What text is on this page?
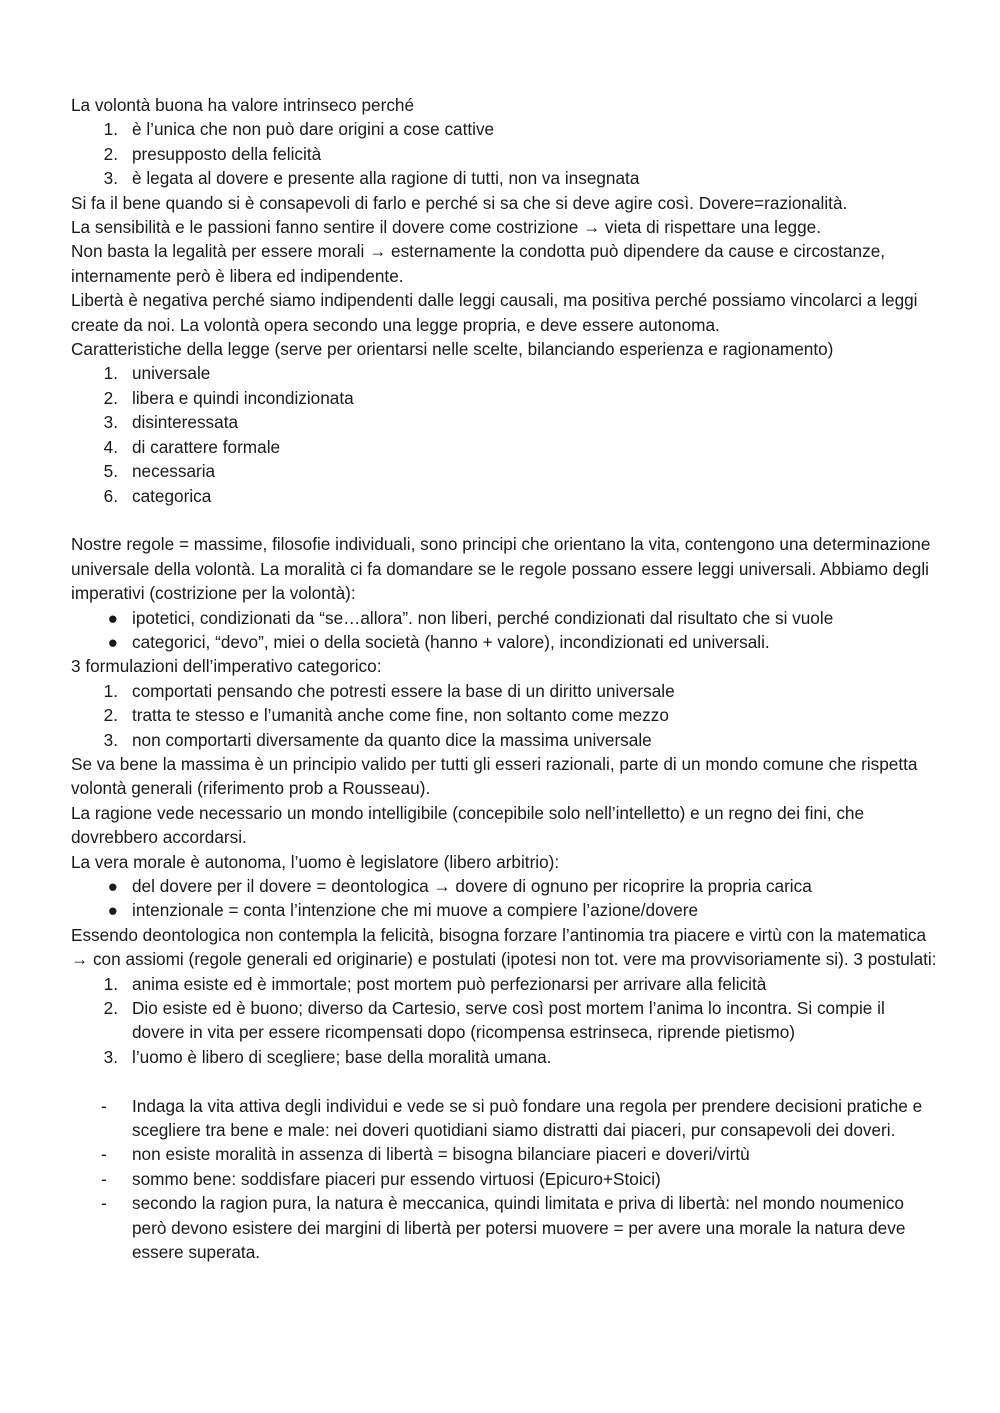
La volontà buona ha valore intrinseco perché

1. è l’unica che non può dare origini a cose cattive
2. presupposto della felicità
3. è legata al dovere e presente alla ragione di tutti, non va insegnata

Si fa il bene quando si è consapevoli di farlo e perché si sa che si deve agire così. Dovere=razionalità.

La sensibilità e le passioni fanno sentire il dovere come costrizione → vieta di rispettare una legge.

Non basta la legalità per essere morali → esternamente la condotta può dipendere da cause e circostanze, internamente però è libera ed indipendente.

Libertà è negativa perché siamo indipendenti dalle leggi causali, ma positiva perché possiamo vincolarci a leggi create da noi. La volontà opera secondo una legge propria, e deve essere autonoma.

Caratteristiche della legge (serve per orientarsi nelle scelte, bilanciando esperienza e ragionamento)

1. universale
2. libera e quindi incondizionata
3. disinteressata
4. di carattere formale
5. necessaria
6. categorica

Nostre regole = massime, filosofie individuali, sono principi che orientano la vita, contengono una determinazione universale della volontà. La moralità ci fa domandare se le regole possano essere leggi universali. Abbiamo degli imperativi (costrizione per la volontà):

● ipotetici, condizionati da “se…allora”. non liberi, perché condizionati dal risultato che si vuole
● categorici, “devo”, miei o della società (hanno + valore), incondizionati ed universali.

3 formulazioni dell’imperativo categorico:

1. comportati pensando che potresti essere la base di un diritto universale
2. tratta te stesso e l’umanità anche come fine, non soltanto come mezzo
3. non comportarti diversamente da quanto dice la massima universale

Se va bene la massima è un principio valido per tutti gli esseri razionali, parte di un mondo comune che rispetta volontà generali (riferimento prob a Rousseau).

La ragione vede necessario un mondo intelligibile (concepibile solo nell’intelletto) e un regno dei fini, che dovrebbero accordarsi.

La vera morale è autonoma, l’uomo è legislatore (libero arbitrio):

● del dovere per il dovere = deontologica → dovere di ognuno per ricoprire la propria carica
● intenzionale = conta l’intenzione che mi muove a compiere l’azione/dovere

Essendo deontologica non contempla la felicità, bisogna forzare l’antinomia tra piacere e virtù con la matematica → con assiomi (regole generali ed originarie) e postulati (ipotesi non tot. vere ma provvisoriamente si). 3 postulati:

1. anima esiste ed è immortale; post mortem può perfezionarsi per arrivare alla felicità
2. Dio esiste ed è buono; diverso da Cartesio, serve così post mortem l’anima lo incontra. Si compie il dovere in vita per essere ricompensati dopo (ricompensa estrinseca, riprende pietismo)
3. l’uomo è libero di scegliere; base della moralità umana.
-	Indaga la vita attiva degli individui e vede se si può fondare una regola per prendere decisioni pratiche e scegliere tra bene e male: nei doveri quotidiani siamo distratti dai piaceri, pur consapevoli dei doveri.
-	non esiste moralità in assenza di libertà = bisogna bilanciare piaceri e doveri/virtù
-	sommo bene: soddisfare piaceri pur essendo virtuosi (Epicuro+Stoici)
-	secondo la ragion pura, la natura è meccanica, quindi limitata e priva di libertà: nel mondo noumenico però devono esistere dei margini di libertà per potersi muovere = per avere una morale la natura deve essere superata.
